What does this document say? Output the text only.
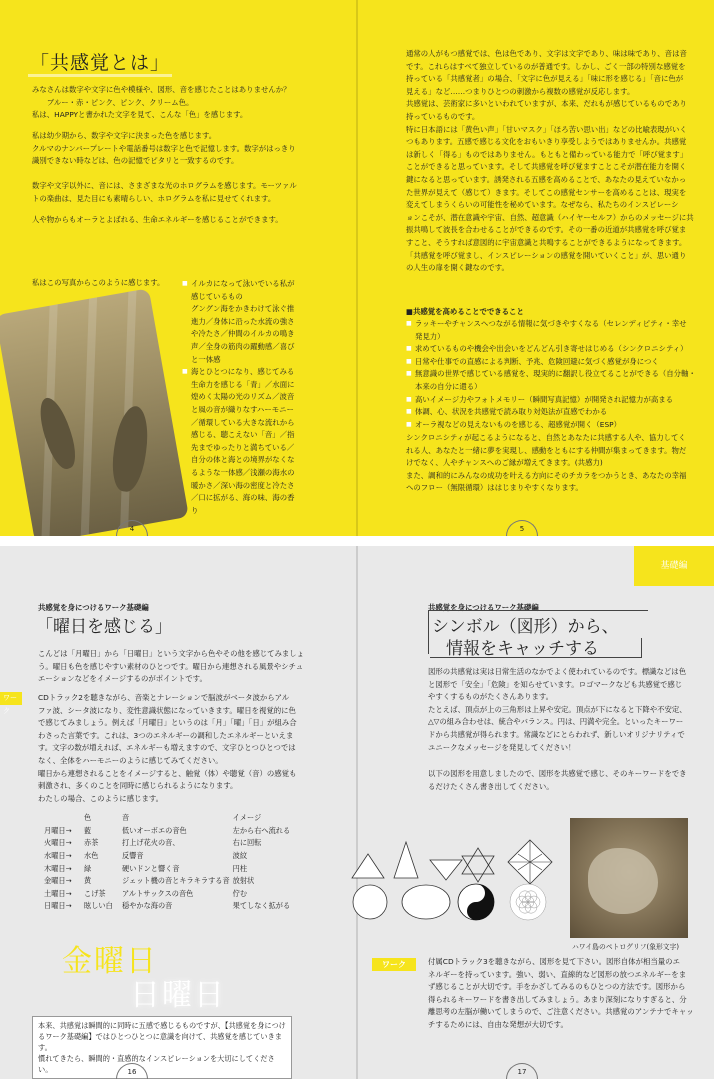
「共感覚とは」
みなさんは数字や文字に色や模様や、図形、音を感じたことはありませんか？
　　ブルー・赤・ピンク、ピンク、クリーム色。
私は、HAPPYと書かれた文字を見て、こんな「色」を感じます。
私は幼少期から、数字や文字に決まった色を感じます。
クルマのナンバープレートや電話番号は数字と色で記憶します。数字がはっきり
識別できない時などは、色の記憶でピタリと一致するのです。
数字や文字以外に、音には、さまざまな光のホログラムを感じます。モーツァル
トの楽曲は、見た目にも素晴らしい、ホログラムを私に見せてくれます。
人や物からもオーラとよばれる、生命エネルギーを感じることができます。
私はこの写真からこのように感じます。	■ イルカになって泳いでいる私が
感じているもの
グングン海をかきわけて泳ぐ推
進力／身体に沿った水流の強さ
や冷たさ／仲間のイルカの鳴き
声／全身の筋肉の躍動感／喜び
と一体感
■ 海とひとつになり、感じてみる
生命力を感じる「青」／水面に
煌めく太陽の光のリズム／波音
と風の音が織りなすハーモニー
／循環している大きな流れから
感じる、聴こえない「音」／指
先までゆったりと満ちている／
自分の体と海との境界がなくな
るような一体感／浅瀬の海水の
暖かさ／深い海の密度と冷たさ
／口に拡がる、海の味、海の香
り
4
通常の人がもつ感覚では、色は色であり、文字は文字であり、味は味であり、音は音
です。これらはすべて独立しているのが普通です。しかし、ごく一部の特別な感覚を
持っている「共感覚者」の場合、「文字に色が見える」「味に形を感じる」「音に色が
見える」など……つまりひとつの刺激から複数の感覚が反応します。
共感覚は、芸術家に多いといわれていますが、本来、だれもが感じているものであり
持っているものです。
特に日本語には「黄色い声」「甘いマスク」「ほろ苦い思い出」などの比喩表現がいく
つもあります。五感で感じる文化をおもいきり享受しようではありませんか。共感覚
は新しく「得る」ものではありません。もともと備わっている能力で「呼び覚ます」
ことができると思っています。そして共感覚を呼び覚ますことこそが潜在能力を開く
鍵になると思っています。誘発される五感を高めることで、あなたの見えていなかっ
た世界が見えて（感じて）きます。そしてこの感覚センサーを高めることは、現実を
変えてしまうくらいの可能性を秘めています。なぜなら、私たちのインスピレーシ
ョンこそが、潜在意識や宇宙、自然、超意識（ハイヤーセルフ）からのメッセージに共
振共鳴して波長を合わせることができるのです。その一番の近道が共感覚を呼び覚ま
すこと、そうすれば意図的に宇宙意識と共鳴することができるようになってきます。
「共感覚を呼び覚まし、インスピレーションの感覚を開いていくこと」が、思い通り
の人生の扉を開く鍵なのです。
■共感覚を高めることでできること
■ ラッキーやチャンスへつながる情報に気づきやすくなる（セレンディピティ・幸せ
発見力）
■ 求めているものや機会や出会いをどんどん引き寄せはじめる（シンクロニシティ）
■ 日常や仕事での直感による判断、予兆、危険回避に気づく感覚が身につく
■ 無意識の世界で感じている感覚を、現実的に翻訳し役立てることができる（自分軸・
本来の自分に還る）
■ 高いイメージ力やフォトメモリー（瞬間写真記憶）が開発され記憶力が高まる
■ 体調、心、状況を共感覚で読み取り対処法が直感でわかる
■ オーラ視などの見えないものを感じる、超感覚が開く（ESP）
シンクロニシティが起こるようになると、自然とあなたに共感する人や、協力してく
れる人、あなたと一緒に夢を実現し、感動をともにする仲間が集まってきます。物だ
けでなく、人やチャンスへのご縁が増えてきます。(共感力)
また、調和的にみんなの成功を叶える方向にそのチカラをつかうとき、あなたの幸福
へのフロー（無限循環）ははじまりやすくなります。
5
共感覚を身につけるワーク基礎編
「曜日を感じる」
こんどは「月曜日」から「日曜日」という文字から色やその他を感じてみましょ
う。曜日も色を感じやすい素材のひとつです。曜日から連想される風景やシチュ
エーションなどをイメージするのがポイントです。
ワーク
CDトラック2を聴きながら、音楽とナレーションで脳波がベータ波からアル
ファ波、シータ波になり、変性意識状態になっていきます。曜日を視覚的に色
で感じてみましょう。例えば「月曜日」というのは「月」「曜」「日」が組み合
わさった言葉です。これは、3つのエネルギーの調和したエネルギーといえま
す。文字の数が増えれば、エネルギーも増えますので、文字ひとつひとつでは
なく、全体をハーモニーのように感じてみてください。
曜日から連想されることをイメージすると、触覚（体）や聴覚（音）の感覚も
刺激され、多くのことを同時に感じられるようになります。
わたしの場合、このように感じます。
	色	音	イメージ
月曜日→	藍	低いオーボエの音色	左から右へ流れる
火曜日→	赤茶	打上げ花火の音、	右に回転
水曜日→	水色	反響音	波紋
木曜日→	緑	硬いドンと響く音	円柱
金曜日→	黄	ジェット機の音とキラキラする音	放射状
土曜日→	こげ茶	アルトサックスの音色	佇む
日曜日→	眩しい白	穏やかな海の音	果てしなく拡がる
金曜日
日曜日
本来、共感覚は瞬間的に同時に五感で感じるものですが、【共感覚を身につけ
るワーク基礎編】ではひとつひとつに意識を向けて、共感覚を感じていきます。
慣れてきたら、瞬間的・直感的なインスピレーションを大切にしてください。	16
基礎編
共感覚を身につけるワーク基礎編
シンボル（図形）から、
情報をキャッチする
図形の共感覚は実は日常生活のなかでよく使われているのです。標識などは色
と図形で「安全」「危険」を知らせています。ロゴマークなども共感覚で感じ
やすくするものがたくさんあります。
たとえば、頂点が上の三角形は上昇や安定。頂点が下になると下降や不安定、
△▽の組み合わせは、統合やバランス。円は、円満や完全。といったキーワー
ドから共感覚が得られます。常識などにとらわれず、新しいオリジナリティで
ユニークなメッセージを発見してください！
以下の図形を用意しましたので、図形を共感覚で感じ、そのキーワードをでき
るだけたくさん書き出してください。
ハワイ島のペトログリフ(象形文字)
ワーク	付属CDトラック3を聴きながら、図形を見て下さい。図形自体が相当量のエ
ネルギーを持っています。強い、弱い、直線的など図形の放つエネルギーをま
ず感じることが大切です。手をかざしてみるのもひとつの方法です。図形から
得られるキーワードを書き出してみましょう。あまり深刻になりすぎると、分
離思考の左脳が働いてしまうので、ご注意ください。共感覚のアンテナでキャッ
チするためには、自由な発想が大切です。
17
